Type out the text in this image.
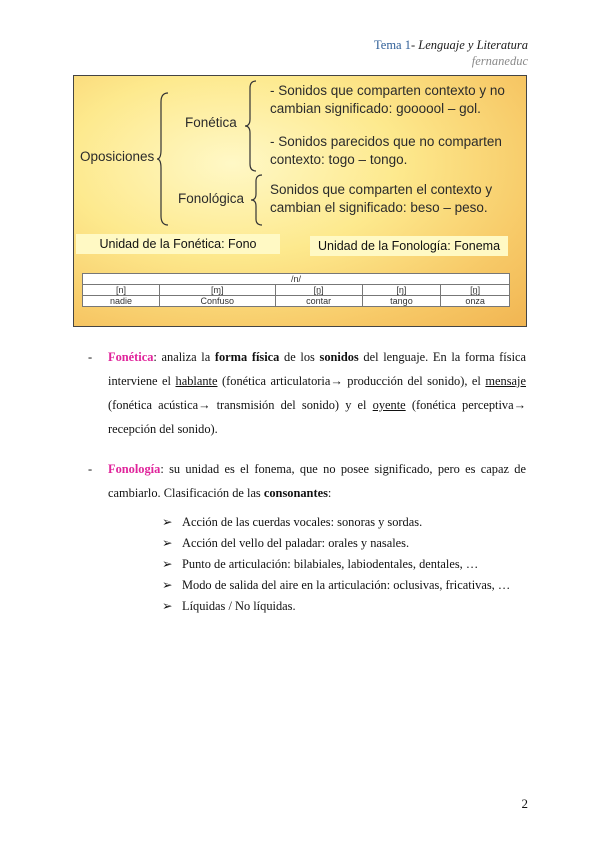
Tema 1- Lenguaje y Literatura
fernaneduc
Oposiciones
Fonética
Fonológica
- Sonidos que comparten contexto y no
cambian significado: goooool – gol.
- Sonidos parecidos que no comparten
contexto: togo – tongo.
Sonidos que comparten el contexto y
cambian el significado: beso – peso.
Unidad de la Fonética: Fono	Unidad de la Fonología: Fonema
/n/				
[n]	[ɱ]	[n̪]	[ŋ]	[n̪]
nadie	Confuso	contar	tango	onza
-	Fonética: analiza la forma física de los sonidos del lenguaje. En la forma física interviene el hablante (fonética articulatoria→ producción del sonido), el mensaje (fonética acústica→ transmisión del sonido) y el oyente (fonética perceptiva→ recepción del sonido).
-	Fonología: su unidad es el fonema, que no posee significado, pero es capaz de cambiarlo. Clasificación de las consonantes:
➢ Acción de las cuerdas vocales: sonoras y sordas.
➢ Acción del vello del paladar: orales y nasales.
➢ Punto de articulación: bilabiales, labiodentales, dentales, …
➢ Modo de salida del aire en la articulación: oclusivas, fricativas, …
➢ Líquidas / No líquidas.
2
